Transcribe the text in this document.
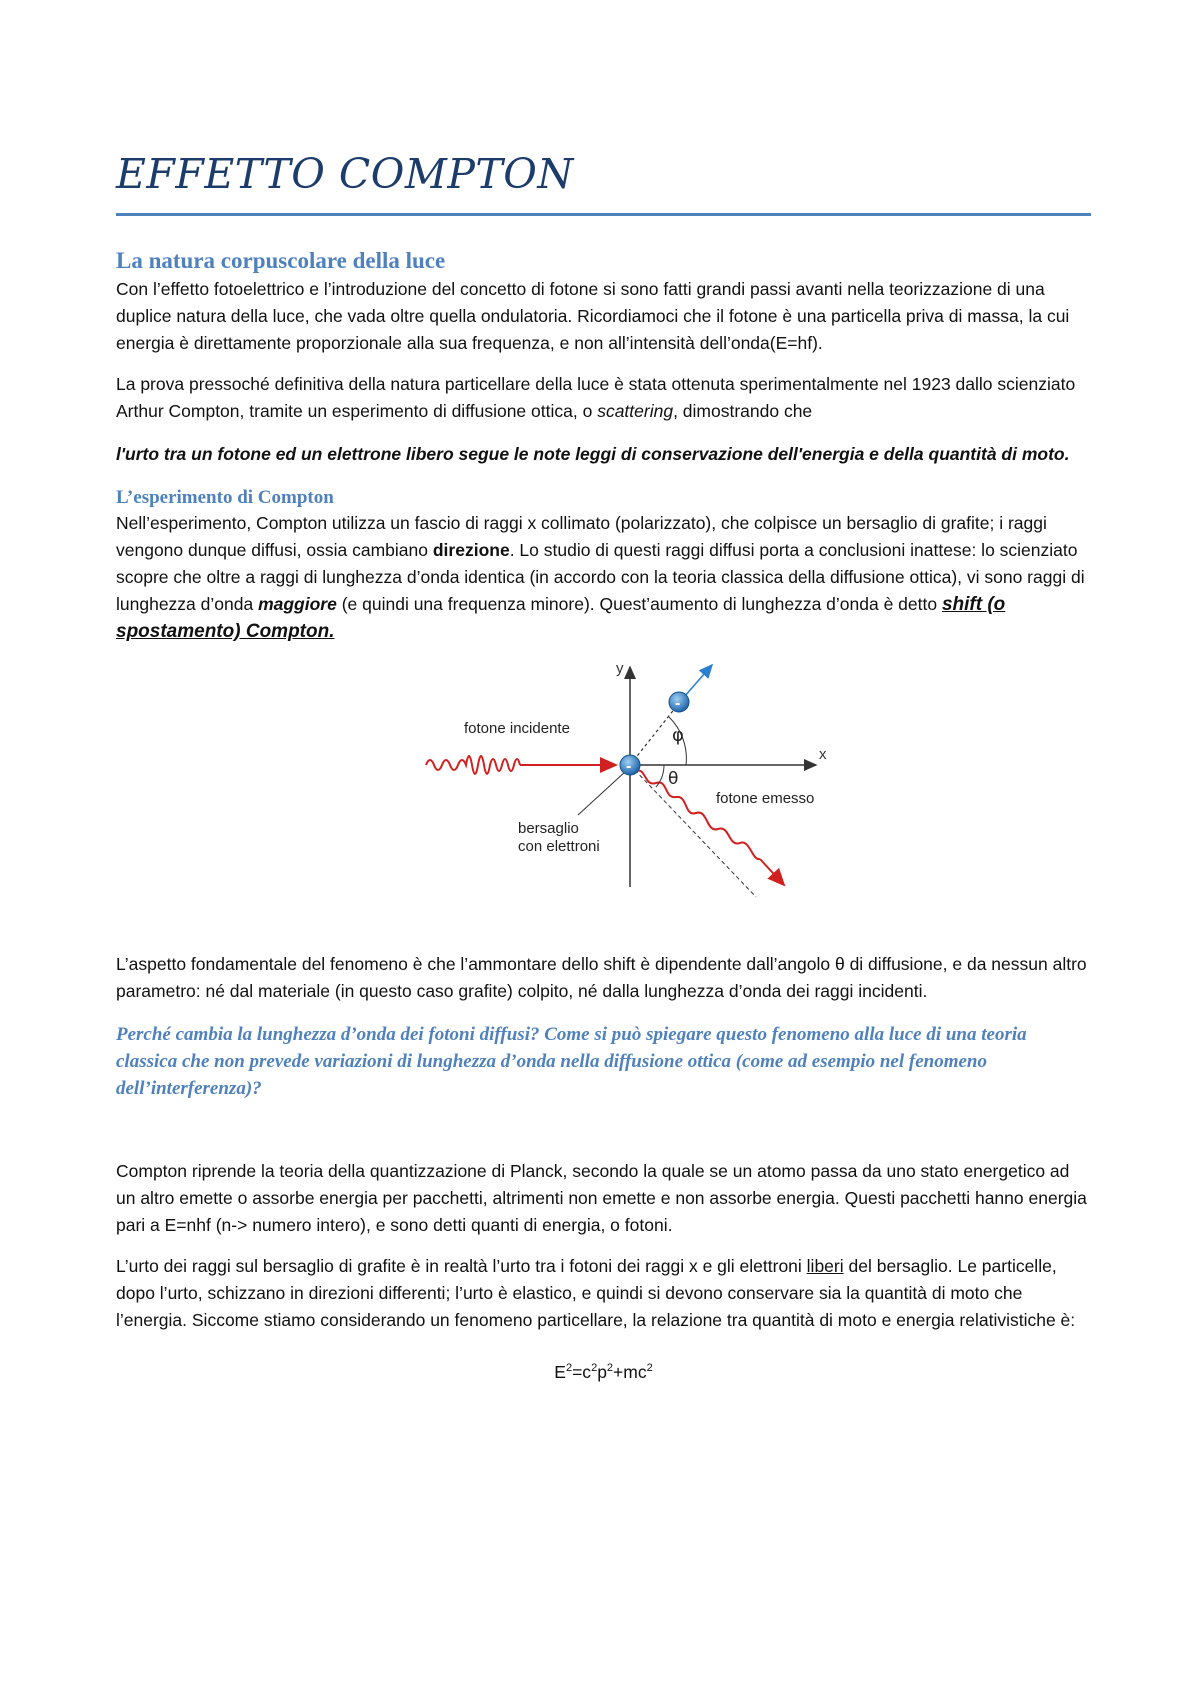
EFFETTO COMPTON
La natura corpuscolare della luce

Con l’effetto fotoelettrico e l’introduzione del concetto di fotone si sono fatti grandi passi avanti nella teorizzazione di una duplice natura della luce, che vada oltre quella ondulatoria. Ricordiamoci che il fotone è una particella priva di massa, la cui energia è direttamente proporzionale alla sua frequenza, e non all’intensità dell’onda(E=hf).

La prova pressoché definitiva della natura particellare della luce è stata ottenuta sperimentalmente nel 1923 dallo scienziato Arthur Compton, tramite un esperimento di diffusione ottica, o scattering, dimostrando che

l'urto tra un fotone ed un elettrone libero segue le note leggi di conservazione dell'energia e della quantità di moto.

L’esperimento di Compton

Nell’esperimento, Compton utilizza un fascio di raggi x collimato (polarizzato), che colpisce un bersaglio di grafite; i raggi vengono dunque diffusi, ossia cambiano direzione. Lo studio di questi raggi diffusi porta a conclusioni inattese: lo scienziato scopre che oltre a raggi di lunghezza d’onda identica (in accordo con la teoria classica della diffusione ottica), vi sono raggi di lunghezza d’onda maggiore (e quindi una frequenza minore). Quest’aumento di lunghezza d’onda è detto shift (o spostamento) Compton.

y
x
φ
θ
-
-
fotone incidente
fotone emesso
bersaglio
con elettroni

L’aspetto fondamentale del fenomeno è che l’ammontare dello shift è dipendente dall’angolo θ di diffusione, e da nessun altro parametro: né dal materiale (in questo caso grafite) colpito, né dalla lunghezza d’onda dei raggi incidenti.

Perché cambia la lunghezza d’onda dei fotoni diffusi? Come si può spiegare questo fenomeno alla luce di una teoria classica che non prevede variazioni di lunghezza d’onda nella diffusione ottica (come ad esempio nel fenomeno dell’interferenza)?

Compton riprende la teoria della quantizzazione di Planck, secondo la quale se un atomo passa da uno stato energetico ad un altro emette o assorbe energia per pacchetti, altrimenti non emette e non assorbe energia. Questi pacchetti hanno energia pari a E=nhf (n-> numero intero), e sono detti quanti di energia, o fotoni.

L’urto dei raggi sul bersaglio di grafite è in realtà l’urto tra i fotoni dei raggi x e gli elettroni liberi del bersaglio. Le particelle, dopo l’urto, schizzano in direzioni differenti; l’urto è elastico, e quindi si devono conservare sia la quantità di moto che l’energia. Siccome stiamo considerando un fenomeno particellare, la relazione tra quantità di moto e energia relativistiche è:

$E^2=c^2p^2+mc^2$
